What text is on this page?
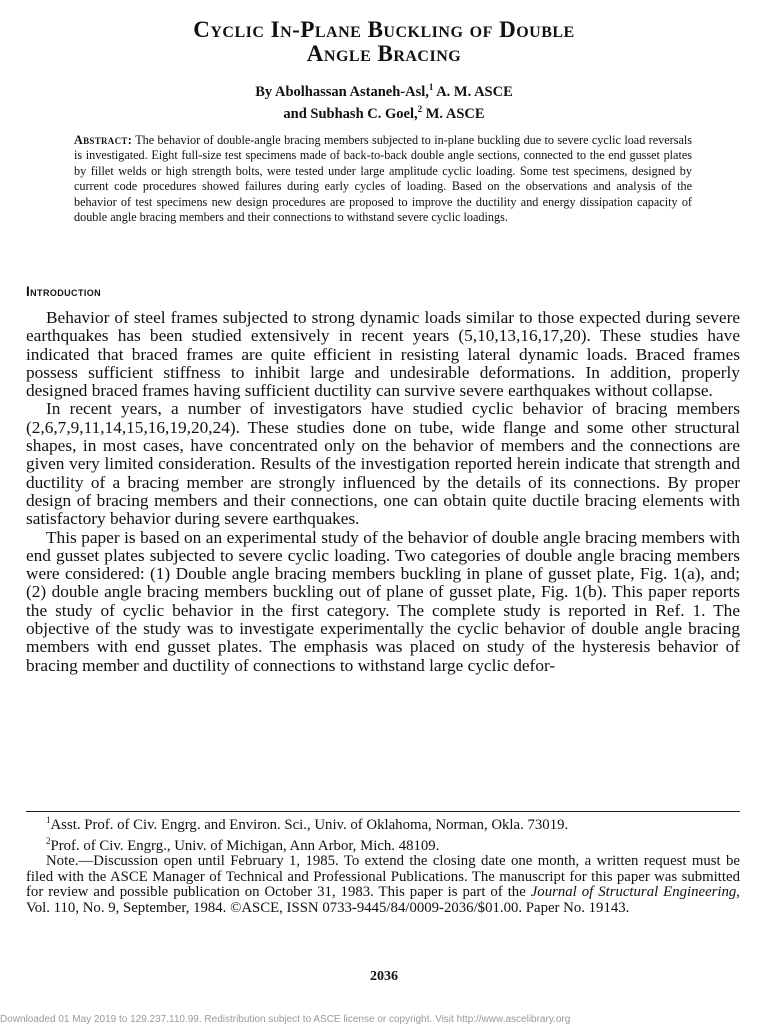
Cyclic In-Plane Buckling of Double
Angle Bracing
By Abolhassan Astaneh-Asl,$^1$ A. M. ASCE
and Subhash C. Goel,$^2$ M. ASCE
Abstract: The behavior of double-angle bracing members subjected to in-plane buckling due to severe cyclic load reversals is investigated. Eight full-size test specimens made of back-to-back double angle sections, connected to the end gusset plates by fillet welds or high strength bolts, were tested under large amplitude cyclic loading. Some test specimens, designed by current code procedures showed failures during early cycles of loading. Based on the observations and analysis of the behavior of test specimens new design procedures are proposed to improve the ductility and energy dissipation capacity of double angle bracing members and their connections to withstand severe cyclic loadings.
Introduction

Behavior of steel frames subjected to strong dynamic loads similar to those expected during severe earthquakes has been studied extensively in recent years (5,10,13,16,17,20). These studies have indicated that braced frames are quite efficient in resisting lateral dynamic loads. Braced frames possess sufficient stiffness to inhibit large and undesirable deformations. In addition, properly designed braced frames having sufficient ductility can survive severe earthquakes without collapse.

In recent years, a number of investigators have studied cyclic behavior of bracing members (2,6,7,9,11,14,15,16,19,20,24). These studies done on tube, wide flange and some other structural shapes, in most cases, have concentrated only on the behavior of members and the connections are given very limited consideration. Results of the investigation reported herein indicate that strength and ductility of a bracing member are strongly influenced by the details of its connections. By proper design of bracing members and their connections, one can obtain quite ductile bracing elements with satisfactory behavior during severe earthquakes.

This paper is based on an experimental study of the behavior of double angle bracing members with end gusset plates subjected to severe cyclic loading. Two categories of double angle bracing members were considered: (1) Double angle bracing members buckling in plane of gusset plate, Fig. 1(a), and; (2) double angle bracing members buckling out of plane of gusset plate, Fig. 1(b). This paper reports the study of cyclic behavior in the first category. The complete study is reported in Ref. 1. The objective of the study was to investigate experimentally the cyclic behavior of double angle bracing members with end gusset plates. The emphasis was placed on study of the hysteresis behavior of bracing member and ductility of connections to withstand large cyclic defor-

$^1$Asst. Prof. of Civ. Engrg. and Environ. Sci., Univ. of Oklahoma, Norman, Okla. 73019.

$^2$Prof. of Civ. Engrg., Univ. of Michigan, Ann Arbor, Mich. 48109.

Note.—Discussion open until February 1, 1985. To extend the closing date one month, a written request must be filed with the ASCE Manager of Technical and Professional Publications. The manuscript for this paper was submitted for review and possible publication on October 31, 1983. This paper is part of the Journal of Structural Engineering, Vol. 110, No. 9, September, 1984. ©ASCE, ISSN 0733-9445/84/0009-2036/$01.00. Paper No. 19143.

2036
Downloaded 01 May 2019 to 129.237.110.99. Redistribution subject to ASCE license or copyright. Visit http://www.ascelibrary.org
